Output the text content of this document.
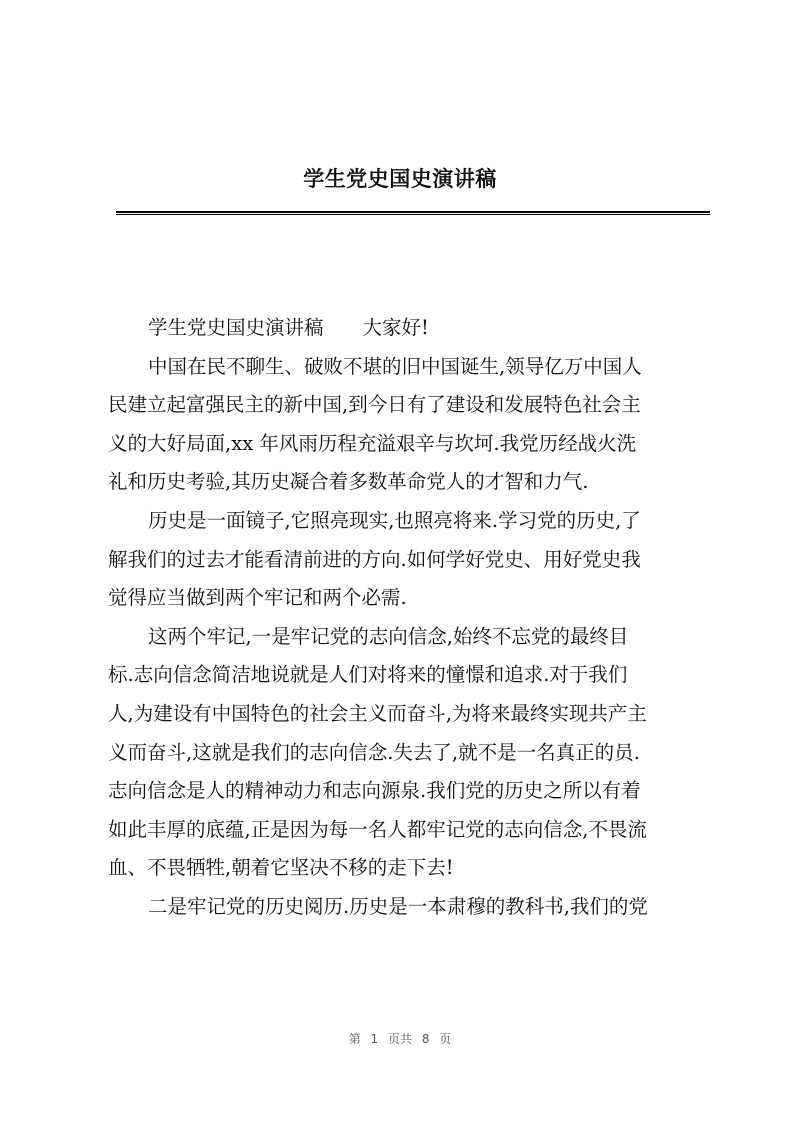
学生党史国史演讲稿
学生党史国史演讲稿　　大家好!
中国在民不聊生、破败不堪的旧中国诞生,领导亿万中国人
民建立起富强民主的新中国,到今日有了建设和发展特色社会主
义的大好局面,xx 年风雨历程充溢艰辛与坎坷.我党历经战火洗
礼和历史考验,其历史凝合着多数革命党人的才智和力气.
历史是一面镜子,它照亮现实,也照亮将来.学习党的历史,了
解我们的过去才能看清前进的方向.如何学好党史、用好党史我
觉得应当做到两个牢记和两个必需.
这两个牢记,一是牢记党的志向信念,始终不忘党的最终目
标.志向信念简洁地说就是人们对将来的憧憬和追求.对于我们
人,为建设有中国特色的社会主义而奋斗,为将来最终实现共产主
义而奋斗,这就是我们的志向信念.失去了,就不是一名真正的员.
志向信念是人的精神动力和志向源泉.我们党的历史之所以有着
如此丰厚的底蕴,正是因为每一名人都牢记党的志向信念,不畏流
血、不畏牺牲,朝着它坚决不移的走下去!
二是牢记党的历史阅历.历史是一本肃穆的教科书,我们的党
第 1 页共 8 页
